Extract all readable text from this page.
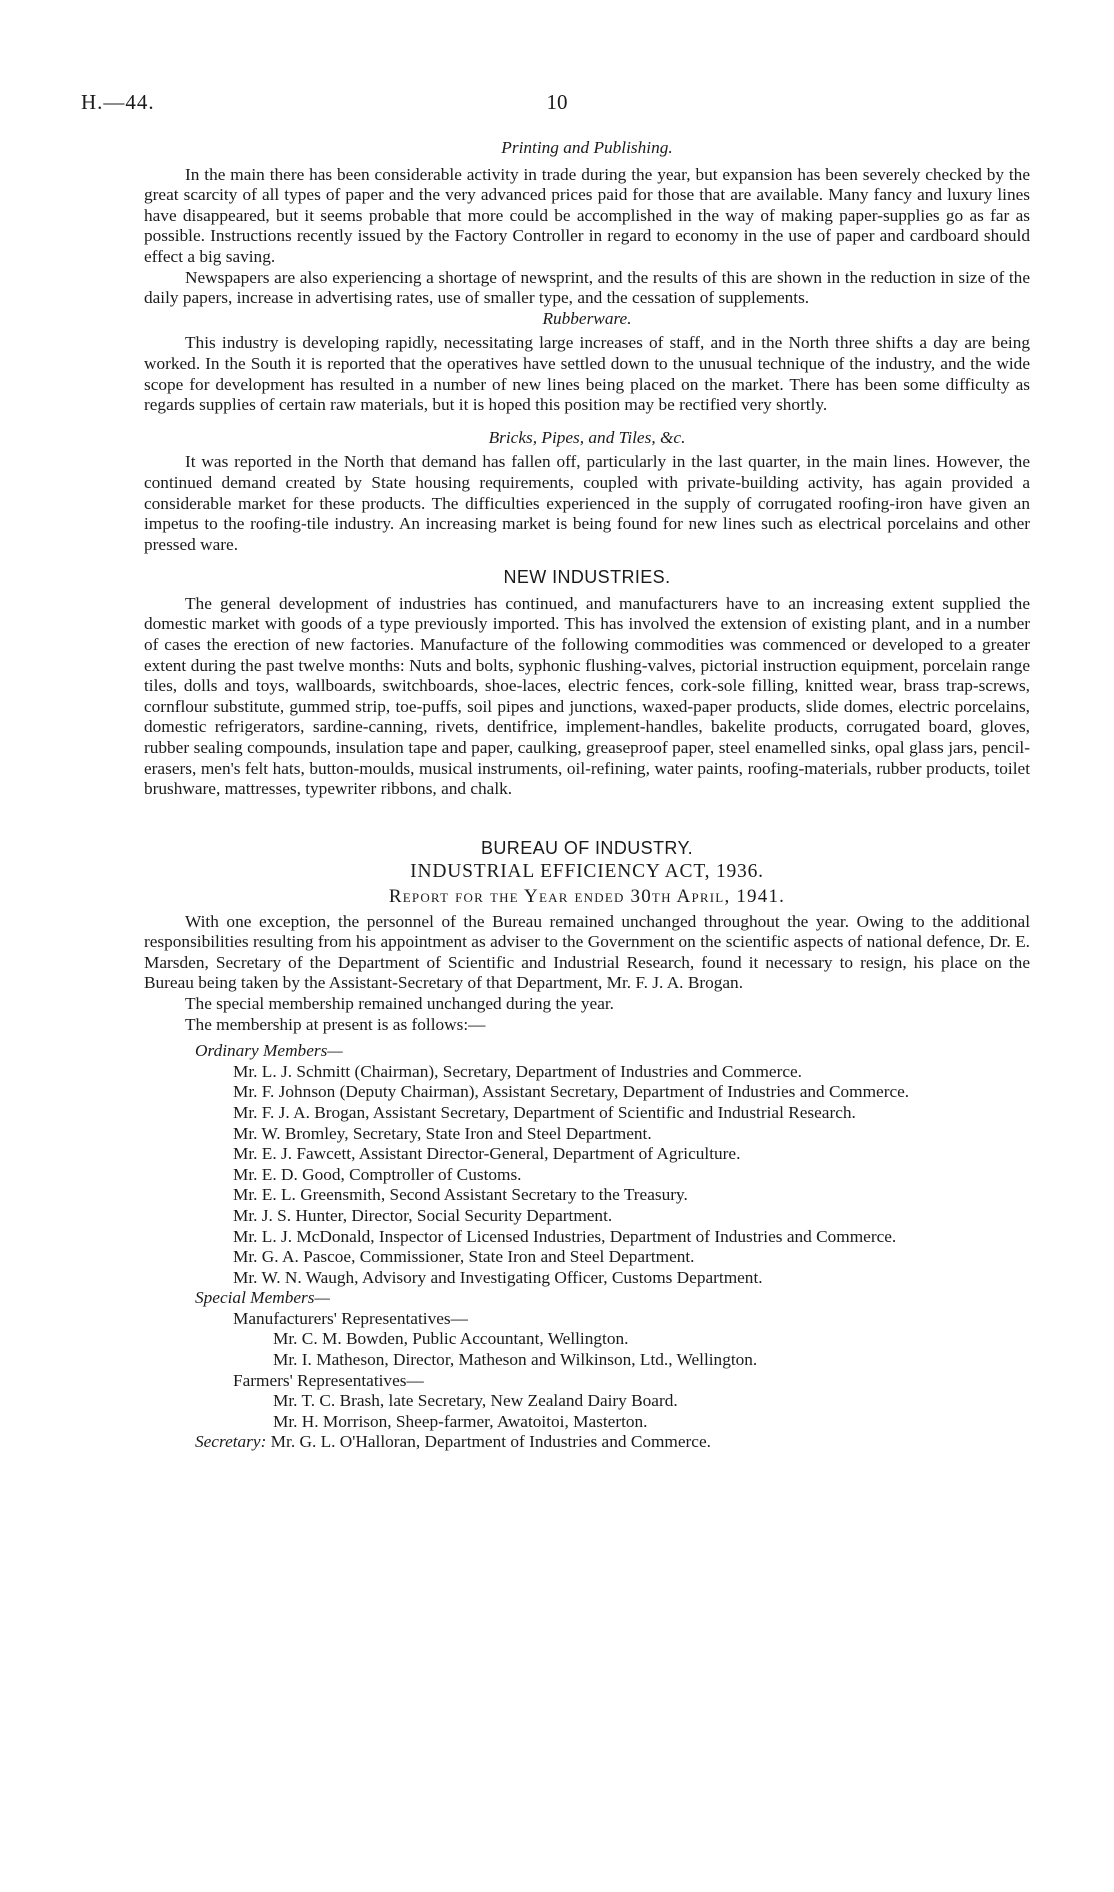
H.—44.	10

Printing and Publishing.

In the main there has been considerable activity in trade during the year, but expansion has been severely checked by the great scarcity of all types of paper and the very advanced prices paid for those that are available. Many fancy and luxury lines have disappeared, but it seems probable that more could be accomplished in the way of making paper-supplies go as far as possible. Instructions recently issued by the Factory Controller in regard to economy in the use of paper and cardboard should effect a big saving.

Newspapers are also experiencing a shortage of newsprint, and the results of this are shown in the reduction in size of the daily papers, increase in advertising rates, use of smaller type, and the cessation of supplements.

Rubberware.

This industry is developing rapidly, necessitating large increases of staff, and in the North three shifts a day are being worked. In the South it is reported that the operatives have settled down to the unusual technique of the industry, and the wide scope for development has resulted in a number of new lines being placed on the market. There has been some difficulty as regards supplies of certain raw materials, but it is hoped this position may be rectified very shortly.

Bricks, Pipes, and Tiles, &c.

It was reported in the North that demand has fallen off, particularly in the last quarter, in the main lines. However, the continued demand created by State housing requirements, coupled with private-building activity, has again provided a considerable market for these products. The difficulties experienced in the supply of corrugated roofing-iron have given an impetus to the roofing-tile industry. An increasing market is being found for new lines such as electrical porcelains and other pressed ware.

NEW INDUSTRIES.

The general development of industries has continued, and manufacturers have to an increasing extent supplied the domestic market with goods of a type previously imported. This has involved the extension of existing plant, and in a number of cases the erection of new factories. Manufacture of the following commodities was commenced or developed to a greater extent during the past twelve months: Nuts and bolts, syphonic flushing-valves, pictorial instruction equipment, porcelain range tiles, dolls and toys, wallboards, switchboards, shoe-laces, electric fences, cork-sole filling, knitted wear, brass trap-screws, cornflour substitute, gummed strip, toe-puffs, soil pipes and junctions, waxed-paper products, slide domes, electric porcelains, domestic refrigerators, sardine-canning, rivets, dentifrice, implement-handles, bakelite products, corrugated board, gloves, rubber sealing compounds, insulation tape and paper, caulking, greaseproof paper, steel enamelled sinks, opal glass jars, pencil-erasers, men's felt hats, button-moulds, musical instruments, oil-refining, water paints, roofing-materials, rubber products, toilet brushware, mattresses, typewriter ribbons, and chalk.

BUREAU OF INDUSTRY.

INDUSTRIAL EFFICIENCY ACT, 1936.

Report for the Year ended 30th April, 1941.

With one exception, the personnel of the Bureau remained unchanged throughout the year. Owing to the additional responsibilities resulting from his appointment as adviser to the Government on the scientific aspects of national defence, Dr. E. Marsden, Secretary of the Department of Scientific and Industrial Research, found it necessary to resign, his place on the Bureau being taken by the Assistant-Secretary of that Department, Mr. F. J. A. Brogan.

The special membership remained unchanged during the year.

The membership at present is as follows:—

Ordinary Members—

Mr. L. J. Schmitt (Chairman), Secretary, Department of Industries and Commerce.

Mr. F. Johnson (Deputy Chairman), Assistant Secretary, Department of Industries and Commerce.

Mr. F. J. A. Brogan, Assistant Secretary, Department of Scientific and Industrial Research.

Mr. W. Bromley, Secretary, State Iron and Steel Department.

Mr. E. J. Fawcett, Assistant Director-General, Department of Agriculture.

Mr. E. D. Good, Comptroller of Customs.

Mr. E. L. Greensmith, Second Assistant Secretary to the Treasury.

Mr. J. S. Hunter, Director, Social Security Department.

Mr. L. J. McDonald, Inspector of Licensed Industries, Department of Industries and Commerce.

Mr. G. A. Pascoe, Commissioner, State Iron and Steel Department.

Mr. W. N. Waugh, Advisory and Investigating Officer, Customs Department.

Special Members—

Manufacturers' Representatives—

Mr. C. M. Bowden, Public Accountant, Wellington.

Mr. I. Matheson, Director, Matheson and Wilkinson, Ltd., Wellington.

Farmers' Representatives—

Mr. T. C. Brash, late Secretary, New Zealand Dairy Board.

Mr. H. Morrison, Sheep-farmer, Awatoitoi, Masterton.

Secretary: Mr. G. L. O'Halloran, Department of Industries and Commerce.
